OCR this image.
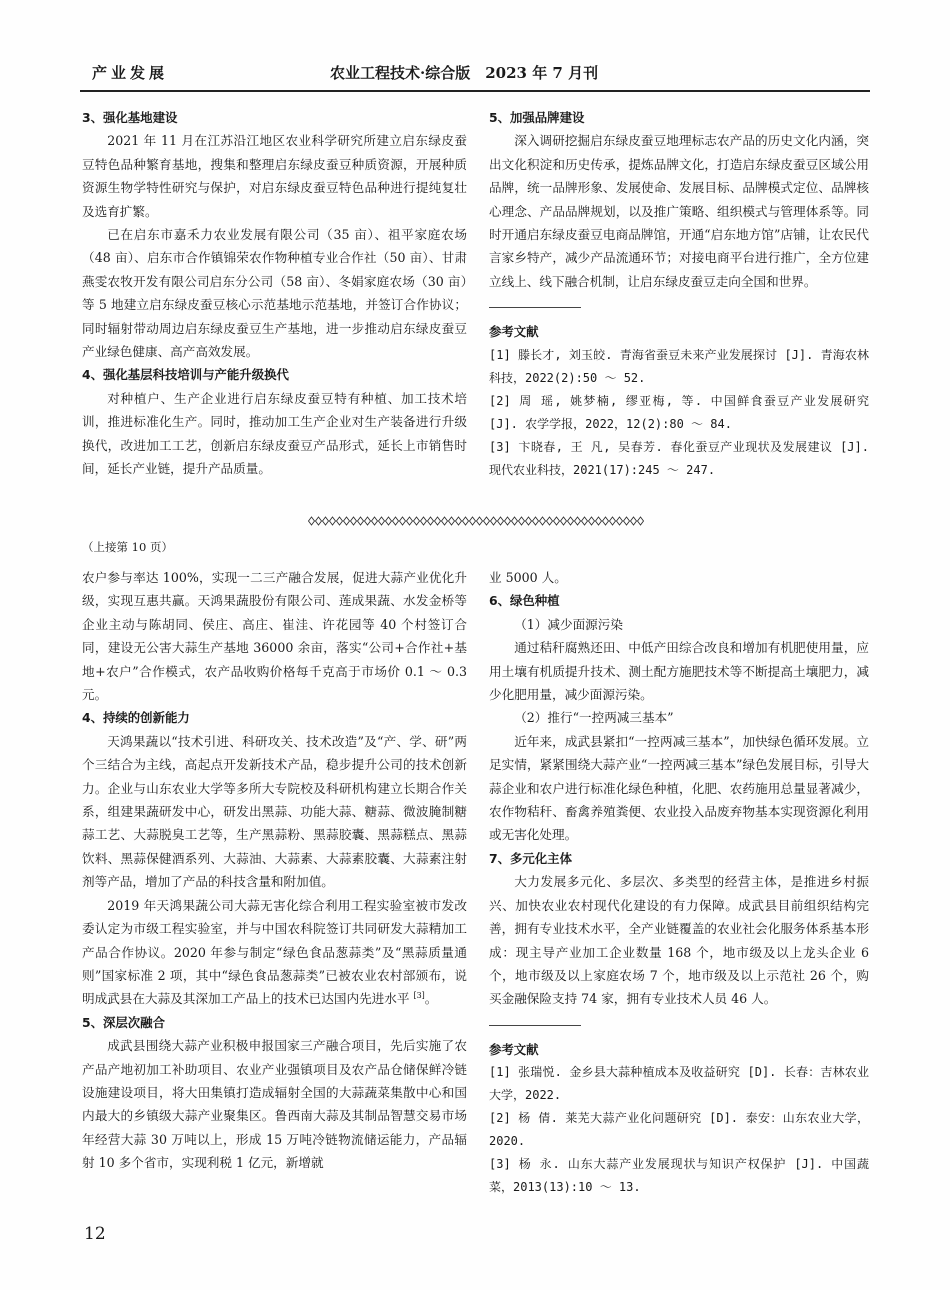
产业发展	农业工程技术·综合版　2023 年 7 月刊

3、强化基地建设

2021 年 11 月在江苏沿江地区农业科学研究所建立启东绿皮蚕豆特色品种繁育基地，搜集和整理启东绿皮蚕豆种质资源，开展种质资源生物学特性研究与保护，对启东绿皮蚕豆特色品种进行提纯复壮及选育扩繁。

已在启东市嘉禾力农业发展有限公司（35 亩）、祖平家庭农场（48 亩）、启东市合作镇锦荣农作物种植专业合作社（50 亩）、甘肃燕雯农牧开发有限公司启东分公司（58 亩）、冬娟家庭农场（30 亩）等 5 地建立启东绿皮蚕豆核心示范基地示范基地，并签订合作协议；同时辐射带动周边启东绿皮蚕豆生产基地，进一步推动启东绿皮蚕豆产业绿色健康、高产高效发展。

4、强化基层科技培训与产能升级换代

对种植户、生产企业进行启东绿皮蚕豆特有种植、加工技术培训，推进标准化生产。同时，推动加工生产企业对生产装备进行升级换代，改进加工工艺，创新启东绿皮蚕豆产品形式，延长上市销售时间，延长产业链，提升产品质量。

5、加强品牌建设

深入调研挖掘启东绿皮蚕豆地理标志农产品的历史文化内涵，突出文化积淀和历史传承，提炼品牌文化，打造启东绿皮蚕豆区域公用品牌，统一品牌形象、发展使命、发展目标、品牌模式定位、品牌核心理念、产品品牌规划，以及推广策略、组织模式与管理体系等。同时开通启东绿皮蚕豆电商品牌馆，开通“启东地方馆”店铺，让农民代言家乡特产，减少产品流通环节；对接电商平台进行推广，全方位建立线上、线下融合机制，让启东绿皮蚕豆走向全国和世界。

参考文献

[1] 滕长才, 刘玉皎. 青海省蚕豆未来产业发展探讨 [J]. 青海农林科技，2022(2):50 ～ 52.

[2] 周 瑶, 姚梦楠, 缪亚梅, 等. 中国鲜食蚕豆产业发展研究 [J]. 农学学报，2022，12(2):80 ～ 84.

[3] 卞晓春, 王 凡, 吴春芳. 春化蚕豆产业现状及发展建议 [J]. 现代农业科技，2021(17):245 ～ 247.

（上接第 10 页）

农户参与率达 100%，实现一二三产融合发展，促进大蒜产业优化升级，实现互惠共赢。天鸿果蔬股份有限公司、莲成果蔬、水发金桥等企业主动与陈胡同、侯庄、高庄、崔洼、许花园等 40 个村签订合同，建设无公害大蒜生产基地 36000 余亩，落实“公司+合作社+基地+农户”合作模式，农产品收购价格每千克高于市场价 0.1 ～ 0.3 元。

4、持续的创新能力

天鸿果蔬以“技术引进、科研攻关、技术改造”及“产、学、研”两个三结合为主线，高起点开发新技术产品，稳步提升公司的技术创新力。企业与山东农业大学等多所大专院校及科研机构建立长期合作关系，组建果蔬研发中心，研发出黑蒜、功能大蒜、糖蒜、微波腌制糖蒜工艺、大蒜脱臭工艺等，生产黑蒜粉、黑蒜胶囊、黑蒜糕点、黑蒜饮料、黑蒜保健酒系列、大蒜油、大蒜素、大蒜素胶囊、大蒜素注射剂等产品，增加了产品的科技含量和附加值。

2019 年天鸿果蔬公司大蒜无害化综合利用工程实验室被市发改委认定为市级工程实验室，并与中国农科院签订共同研发大蒜精加工产品合作协议。2020 年参与制定“绿色食品葱蒜类”及“黑蒜质量通则”国家标准 2 项，其中“绿色食品葱蒜类”已被农业农村部颁布，说明成武县在大蒜及其深加工产品上的技术已达国内先进水平 [3]。

5、深层次融合

成武县围绕大蒜产业积极申报国家三产融合项目，先后实施了农产品产地初加工补助项目、农业产业强镇项目及农产品仓储保鲜冷链设施建设项目，将大田集镇打造成辐射全国的大蒜蔬菜集散中心和国内最大的乡镇级大蒜产业聚集区。鲁西南大蒜及其制品智慧交易市场年经营大蒜 30 万吨以上，形成 15 万吨冷链物流储运能力，产品辐射 10 多个省市，实现利税 1 亿元，新增就

业 5000 人。

6、绿色种植

（1）减少面源污染

通过秸秆腐熟还田、中低产田综合改良和增加有机肥使用量，应用土壤有机质提升技术、测土配方施肥技术等不断提高土壤肥力，减少化肥用量，减少面源污染。

（2）推行“一控两减三基本”

近年来，成武县紧扣“一控两减三基本”，加快绿色循环发展。立足实情，紧紧围绕大蒜产业“一控两减三基本”绿色发展目标，引导大蒜企业和农户进行标准化绿色种植，化肥、农药施用总量显著减少，农作物秸秆、畜禽养殖粪便、农业投入品废弃物基本实现资源化利用或无害化处理。

7、多元化主体

大力发展多元化、多层次、多类型的经营主体，是推进乡村振兴、加快农业农村现代化建设的有力保障。成武县目前组织结构完善，拥有专业技术水平，全产业链覆盖的农业社会化服务体系基本形成：现主导产业加工企业数量 168 个，地市级及以上龙头企业 6 个，地市级及以上家庭农场 7 个，地市级及以上示范社 26 个，购买金融保险支持 74 家，拥有专业技术人员 46 人。

参考文献

[1] 张瑞悦. 金乡县大蒜种植成本及收益研究 [D]. 长春：吉林农业大学，2022.

[2] 杨 倩. 莱芜大蒜产业化问题研究 [D]. 泰安：山东农业大学，2020.

[3] 杨 永. 山东大蒜产业发展现状与知识产权保护 [J]. 中国蔬菜，2013(13):10 ～ 13.

12
